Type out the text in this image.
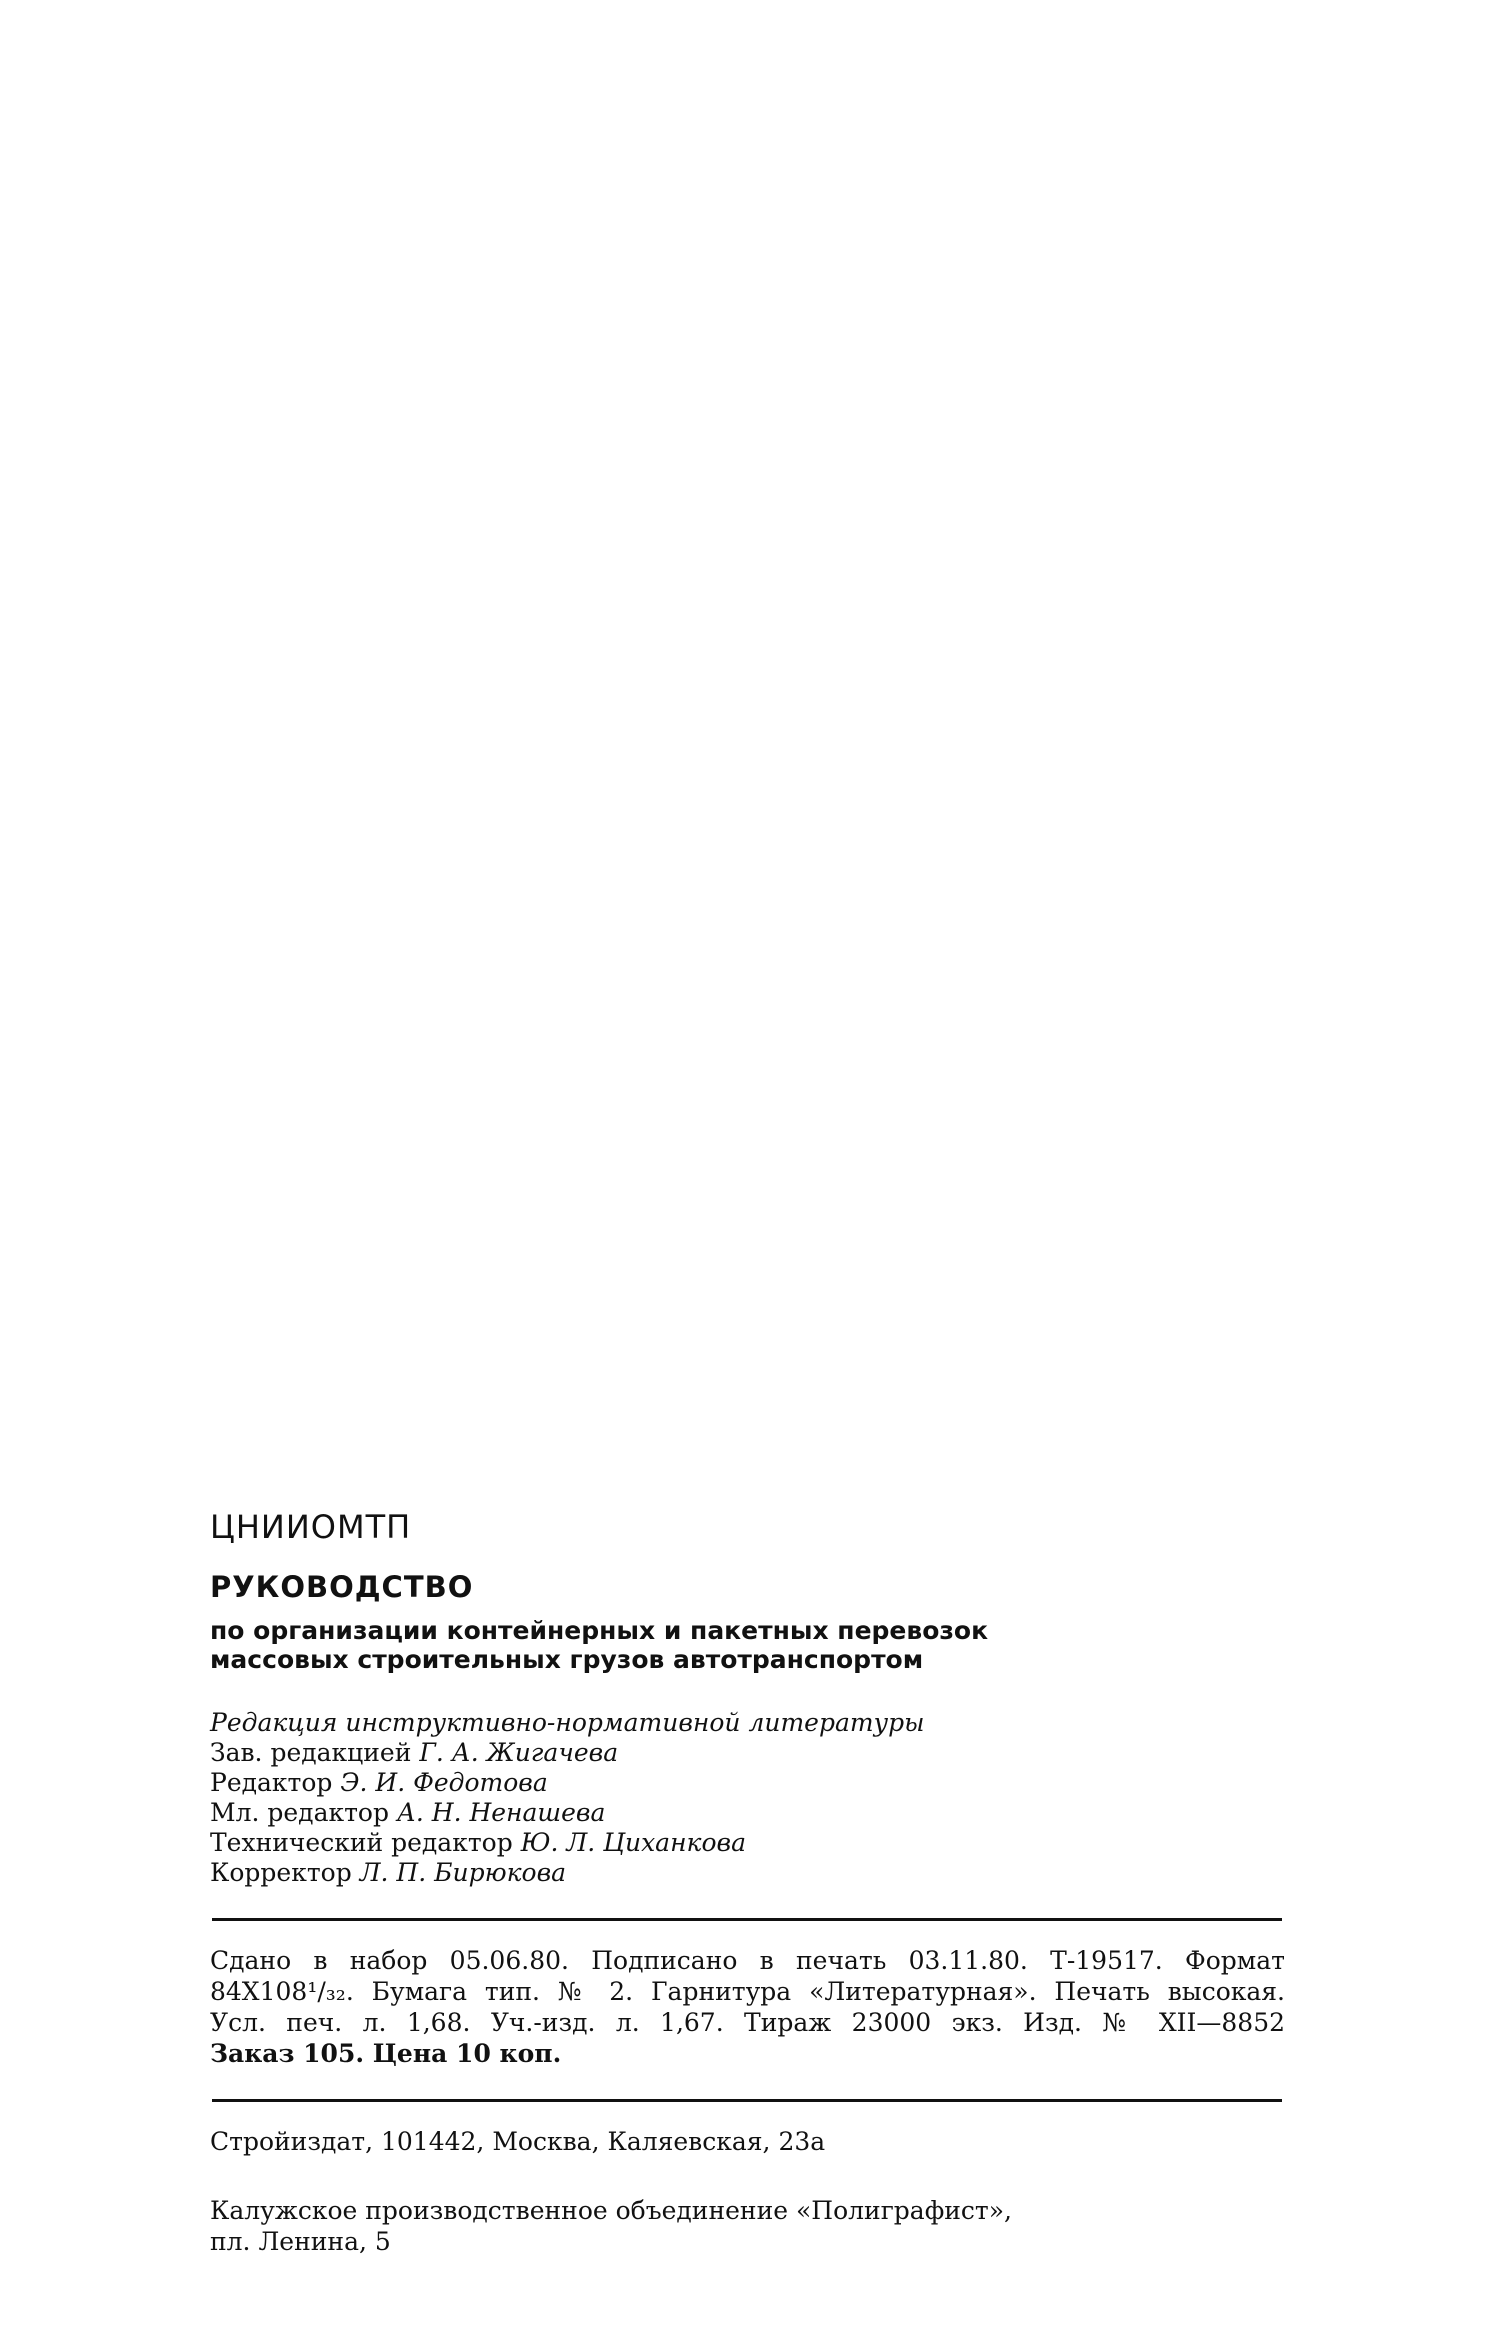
ЦНИИОМТП
РУКОВОДСТВО
по организации контейнерных и пакетных перевозок
массовых строительных грузов автотранспортом
Редакция инструктивно-нормативной литературы
Зав. редакцией Г. А. Жигачева
Редактор Э. И. Федотова
Мл. редактор А. Н. Ненашева
Технический редактор Ю. Л. Циханкова
Корректор Л. П. Бирюкова
Сдано в набор 05.06.80. Подписано в печать 03.11.80. Т-19517. Формат
84Х108¹/₃₂. Бумага тип. № 2. Гарнитура «Литературная». Печать высокая.
Усл. печ. л. 1,68. Уч.-изд. л. 1,67. Тираж 23000 экз. Изд. № XII—8852
Заказ 105. Цена 10 коп.
Стройиздат, 101442, Москва, Каляевская, 23а
Калужское производственное объединение «Полиграфист»,
пл. Ленина, 5
